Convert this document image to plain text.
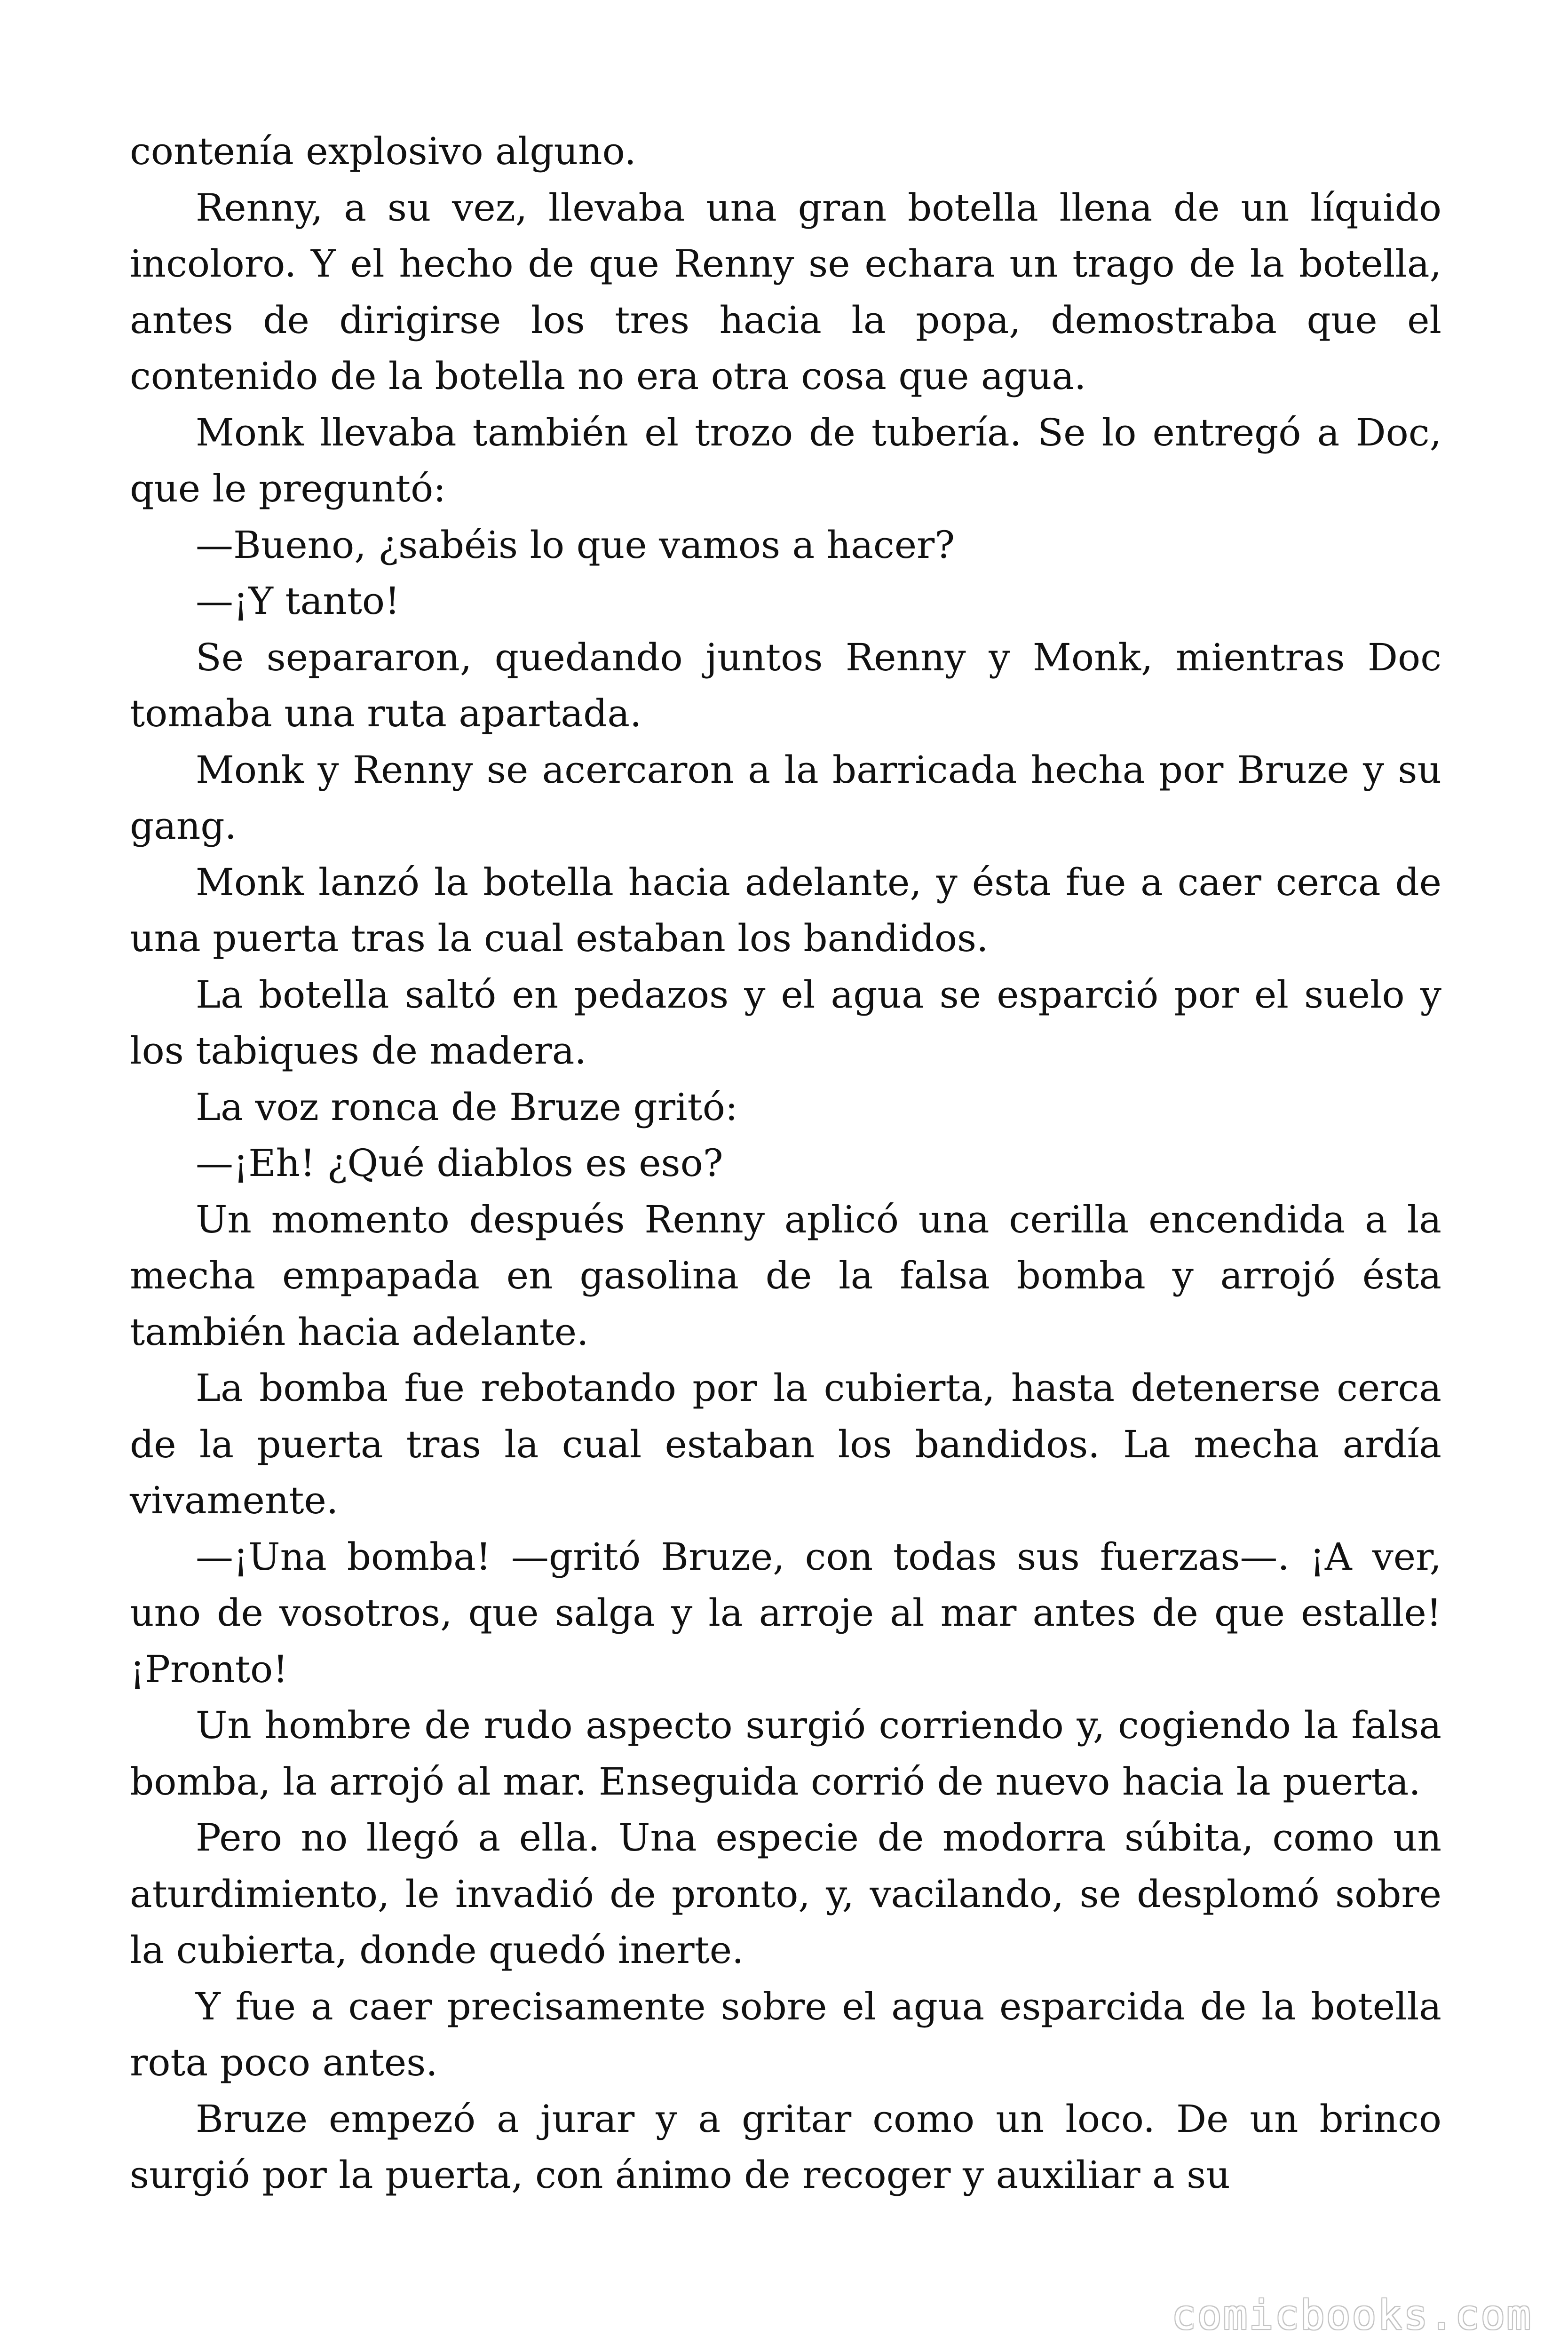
contenía explosivo alguno.

Renny, a su vez, llevaba una gran botella llena de un líquido incoloro. Y el hecho de que Renny se echara un trago de la botella, antes de dirigirse los tres hacia la popa, demostraba que el contenido de la botella no era otra cosa que agua.

Monk llevaba también el trozo de tubería. Se lo entregó a Doc, que le preguntó:

—Bueno, ¿sabéis lo que vamos a hacer?

—¡Y tanto!

Se separaron, quedando juntos Renny y Monk, mientras Doc tomaba una ruta apartada.

Monk y Renny se acercaron a la barricada hecha por Bruze y su gang.

Monk lanzó la botella hacia adelante, y ésta fue a caer cerca de una puerta tras la cual estaban los bandidos.

La botella saltó en pedazos y el agua se esparció por el suelo y los tabiques de madera.

La voz ronca de Bruze gritó:

—¡Eh! ¿Qué diablos es eso?

Un momento después Renny aplicó una cerilla encendida a la mecha empapada en gasolina de la falsa bomba y arrojó ésta también hacia adelante.

La bomba fue rebotando por la cubierta, hasta detenerse cerca de la puerta tras la cual estaban los bandidos. La mecha ardía vivamente.

—¡Una bomba! —gritó Bruze, con todas sus fuerzas—. ¡A ver, uno de vosotros, que salga y la arroje al mar antes de que estalle! ¡Pronto!

Un hombre de rudo aspecto surgió corriendo y, cogiendo la falsa bomba, la arrojó al mar. Enseguida corrió de nuevo hacia la puerta.

Pero no llegó a ella. Una especie de modorra súbita, como un aturdimiento, le invadió de pronto, y, vacilando, se desplomó sobre la cubierta, donde quedó inerte.

Y fue a caer precisamente sobre el agua esparcida de la botella rota poco antes.

Bruze empezó a jurar y a gritar como un loco. De un brinco surgió por la puerta, con ánimo de recoger y auxiliar a su

comicbooks.com
